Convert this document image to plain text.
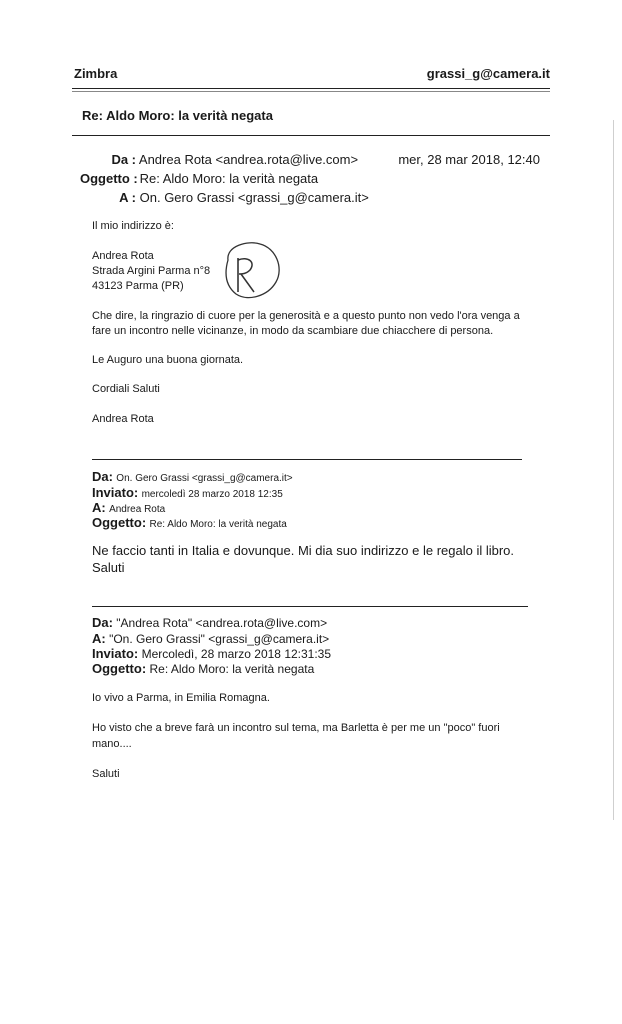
Zimbra	grassi_g@camera.it
Re: Aldo Moro: la verità negata
Da : Andrea Rota <andrea.rota@live.com>	mer, 28 mar 2018, 12:40
Oggetto : Re: Aldo Moro: la verità negata
A : On. Gero Grassi <grassi_g@camera.it>
Il mio indirizzo è:
Andrea Rota
Strada Argini Parma n°8
43123 Parma (PR)
Che dire, la ringrazio di cuore per la generosità e a questo punto non vedo l'ora venga a
fare un incontro nelle vicinanze, in modo da scambiare due chiacchere di persona.
Le Auguro una buona giornata.
Cordiali Saluti
Andrea Rota
Da: On. Gero Grassi <grassi_g@camera.it>
Inviato: mercoledì 28 marzo 2018 12:35
A: Andrea Rota
Oggetto: Re: Aldo Moro: la verità negata
Ne faccio tanti in Italia e dovunque. Mi dia suo indirizzo e le regalo il libro.
Saluti
Da: "Andrea Rota" <andrea.rota@live.com>
A: "On. Gero Grassi" <grassi_g@camera.it>
Inviato: Mercoledì, 28 marzo 2018 12:31:35
Oggetto: Re: Aldo Moro: la verità negata
Io vivo a Parma, in Emilia Romagna.
Ho visto che a breve farà un incontro sul tema, ma Barletta è per me un "poco" fuori
mano....
Saluti
